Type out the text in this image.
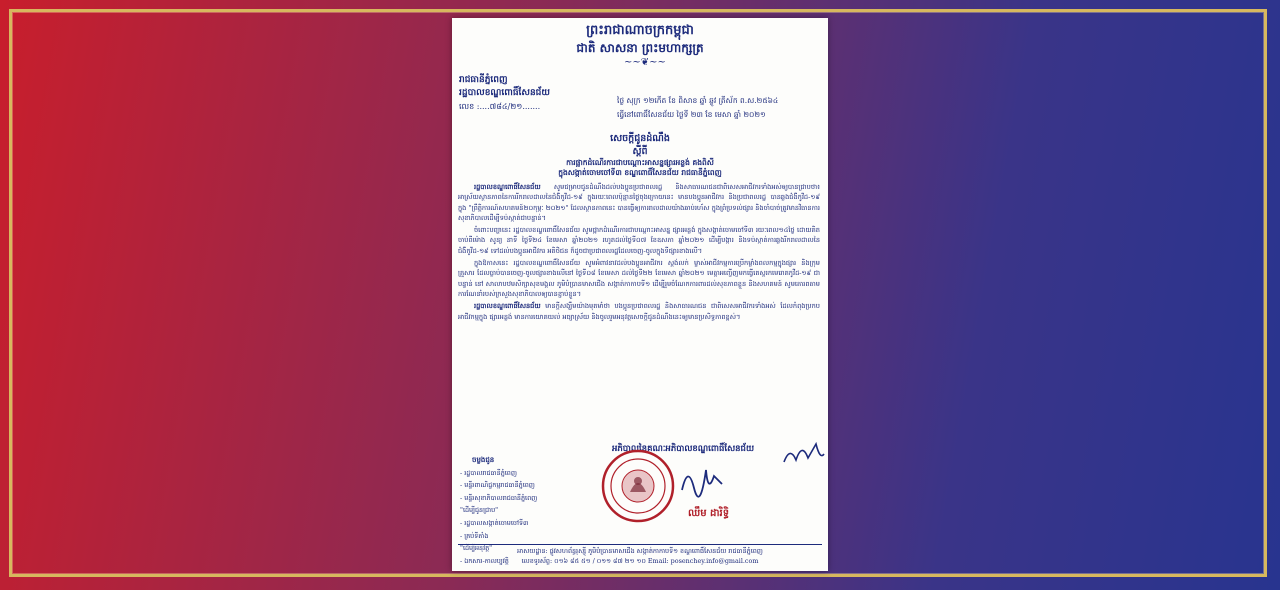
ព្រះរាជាណាចក្រកម្ពុជា
ជាតិ សាសនា ព្រះមហាក្សត្រ
~~❦~~
រាជធានីភ្នំពេញ
រដ្ឋបាលខណ្ឌពោធិ៍សែនជ័យ
លេខ :....៧៨៤/២១.......
ថ្ងៃ សុក្រ ១២កើត ខែ ពិសាខ ឆ្នាំ ឆ្លូវ ត្រីស័ក ព.ស.២៥៦៤
ធ្វើនៅពោធិ៍សែនជ័យ ថ្ងៃទី ២៣ ខែ មេសា ឆ្នាំ ២០២១
សេចក្តីជូនដំណឹង
ស្តីពី
ការផ្អាកដំណើរការជាបណ្តោះអាសន្នផ្សារអន្លង់ គងពិសី
ក្នុងសង្កាត់ចោមចៅទី៣ ខណ្ឌពោធិ៍សែនជ័យ រាជធានីភ្នំពេញ

រដ្ឋបាលខណ្ឌពោធិ៍សែនជ័យ សូមជម្រាបជូនដំណឹងដល់បងប្អូនប្រជាពលរដ្ឋ និងសាធារណជនជាពិសេសអាជីវករទាំងអស់ឲ្យបានជ្រាបថា៖ អាស្រ័យស្ថានភាពនៃការរីករាលដាលនៃជំងឺកូវីដ-១៩ ក្នុងរយៈពេលប៉ុន្មានថ្ងៃចុងក្រោយនេះ មានបងប្អូនអាជីវករ និងប្រជាពលរដ្ឋ បានឆ្លងជំងឺកូវីដ-១៩ ក្នុង "ព្រឹត្តិការណ៍សហគមន៍២០កុម្ភៈ ២០២១" ដែលស្ថានភាពនេះ បានធ្វើឲ្យការរាលដាលយ៉ាងឆាប់រហ័ស ក្នុងព្រំប្រទល់ផ្សារ និងចាំបាច់ត្រូវមានវិធានការ សុខាភិបាលដើម្បីទប់ស្កាត់ជាបន្ទាន់។

ចំពោះបញ្ហានេះ រដ្ឋបាលខណ្ឌពោធិ៍សែនជ័យ សូមផ្អាកដំណើរការជាបណ្តោះអាសន្ន ផ្សារអន្លង់ ក្នុងសង្កាត់ចោមចៅទី៣ រយៈពេល១៤ថ្ងៃ ដោយគិតចាប់ពីម៉ោង សូន្យ នាទី ថ្ងៃទី២៤ ខែមេសា ឆ្នាំ២០២១ រហូតដល់ថ្ងៃទី០៧ ខែឧសភា ឆ្នាំ២០២១ ដើម្បីបង្ការ និងទប់ស្កាត់ការឆ្លងរីករាលដាលនៃជំងឺកូវីដ-១៩ ទៅដល់បងប្អូនអាជីវករ អតិថិជន ក៏ដូចជាប្រជាពលរដ្ឋដែលចេញ-ចូលក្នុងទីផ្សារខាងលើ។

ក្នុងឱកាសនេះ រដ្ឋបាលខណ្ឌពោធិ៍សែនជ័យ សូមអំពាវនាវដល់បងប្អូនអាជីវករ ស្តង់លក់ ម្ចាស់អាជីវកម្មការប្រើកម្លាំងពលកម្មក្នុងផ្សារ និងក្រុមគ្រួសារ ដែលធ្លាប់បានចេញ-ចូលផ្សារខាងលើនៅ ថ្ងៃទី០៨ ខែមេសា ដល់ថ្ងៃទី២២ ខែមេសា ឆ្នាំ២០២១ មេត្តាអញ្ជើញមកធ្វើតេស្តរកមេរោគកូវីដ-១៩ ជាបន្ទាន់ នៅ សាលាបឋមសិក្សាសុខមង្គល ភូមិបំប្រានមាសជើង សង្កាត់កាកាបទី១ ដើម្បីរួមចំណែកការពារដល់សុខភាពខ្លួន និងសហគមន៍ សូមគោរពតាមការណែនាំរបស់ក្រសួងសុខាភិបាលឲ្យបានខ្ជាប់ខ្ជួន។

រដ្ឋបាលខណ្ឌពោធិ៍សែនជ័យ មានក្តីសង្ឃឹមយ៉ាងមុតមាំថា បងប្អូនប្រជាពលរដ្ឋ និងសាធារណជន ជាពិសេសអាជីវករទាំងអស់ ដែលកំពុងប្រកបអាជីវកម្មក្នុង ផ្សារអន្លង់ មានការយោគយល់ អធ្យាស្រ័យ និងចូលរួមអនុវត្តសេចក្តីជូនដំណឹងនេះឲ្យមានប្រសិទ្ធភាពខ្ពស់។

ចម្លងជូន
- រដ្ឋបាលរាជធានីភ្នំពេញ
- មន្ទីរពាណិជ្ជកម្មរាជធានីភ្នំពេញ
- មន្ទីរសុខាភិបាលរាជធានីភ្នំពេញ
"ដើម្បីជូនជ្រាប"
- រដ្ឋបាលសង្កាត់ចោមចៅទី៣
- គ្រប់ទីតាំង
"ដើម្បីអនុវត្ត"
- ឯកសារ-កាលប្បវត្តិ
អភិបាលនៃគណៈអភិបាលខណ្ឌពោធិ៍សែនជ័យ
ឈឹម ដារិទ្ធិ
អាសយដ្ឋាន: ផ្លូវសហព័ន្ធរុស្ស៊ី ភូមិបំប្រានមាសជើង សង្កាត់កាកាបទី១ ខណ្ឌពោធិ៍សែនជ័យ រាជធានីភ្នំពេញ
លេខទូរស័ព្ទ: ០១៦ ៨៥ ៥១ / ០១១ ៨៧ ២១ ១០ Email: posenchey.info@gmail.com
